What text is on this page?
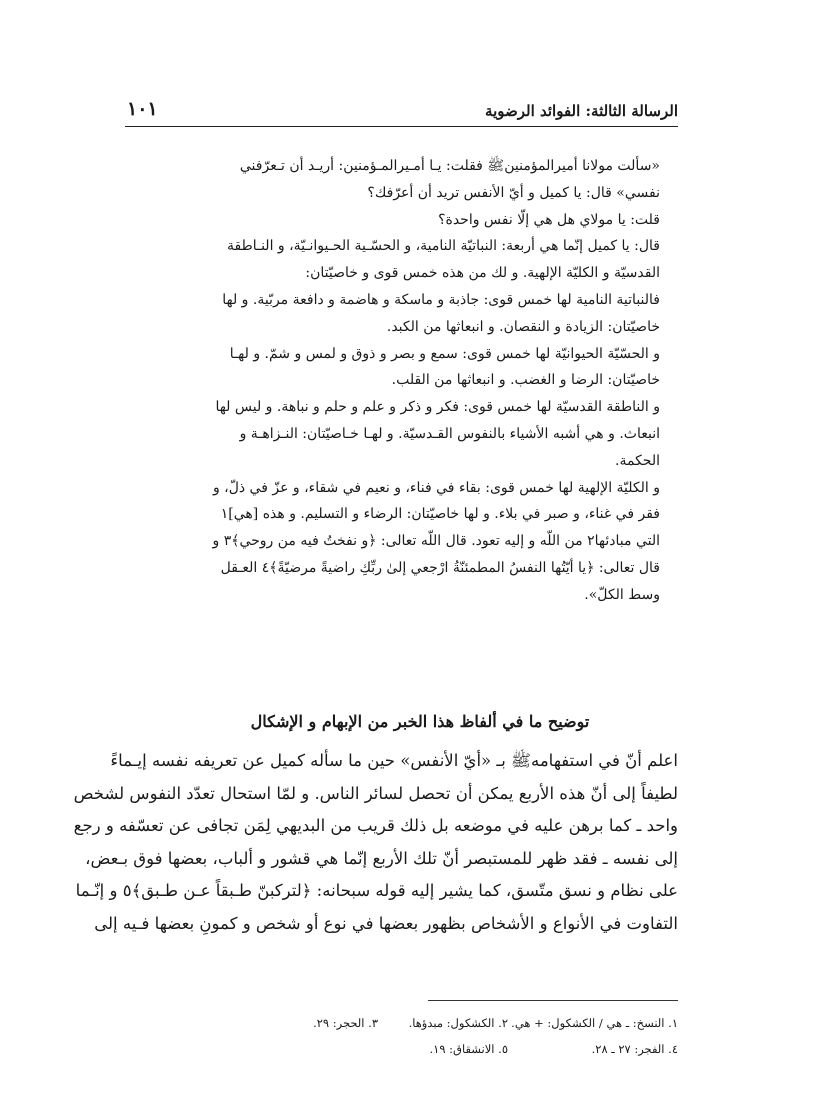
الرسالة الثالثة: الفوائد الرضوية
١٠١
«سألت مولانا أميرالمؤمنينﷺ فقلت: يـا أمـيرالمـؤمنين: أريـد أن تـعرّفني
نفسي» قال: يا كميل و أيّ الأنفس تريد أن أعرّفك؟
قلت: يا مولاي هل هي إلّا نفس واحدة؟
قال: يا كميل إنّما هي أربعة: النباتيّة النامية، و الحسّـية الحـيوانـيّة، و النـاطقة
القدسيّة و الكليّة الإلهية. و لك من هذه خمس قوى و خاصيّتان:
فالنباتية النامية لها خمس قوى: جاذبة و ماسكة و هاضمة و دافعة مربّية. و لها
خاصيّتان: الزيادة و النقصان. و انبعاثها من الكبد.
و الحسّيّة الحيوانيّة لها خمس قوى: سمع و بصر و ذوق و لمس و شمّ. و لهـا
خاصيّتان: الرضا و الغضب. و انبعاثها من القلب.
و الناطقة القدسيّة لها خمس قوى: فكر و ذكر و علم و حلم و نباهة. و ليس لها
انبعاث. و هي أشبه الأشياء بالنفوس القـدسيّة. و لهـا خـاصيّتان: النـزاهـة و
الحكمة.
و الكليّة الإلهية لها خمس قوى: بقاء في فناء، و نعيم في شقاء، و عزّ في ذلّ، و
فقر في غناء، و صبر في بلاء. و لها خاصيّتان: الرضاء و التسليم. و هذه [هي]١
التي مبادئها٢ من اللّه و إليه تعود. قال اللّه تعالى: ﴿و نفختُ فيه من روحي﴾٣ و
قال تعالى: ﴿يا أيّتُها النفسُ المطمئنّةُ ارْجعي إلىٰ ربِّكِ راضيةً مرضيّةً﴾٤ العـقل
وسط الكلّ».
توضيح ما في ألفاظ هذا الخبر من الإبهام و الإشكال
اعلم أنّ في استفهامهﷺ بـ «أيّ الأنفس» حين ما سأله كميل عن تعريفه نفسه إيـماءً
لطيفاً إلى أنّ هذه الأربع يمكن أن تحصل لسائر الناس. و لمّا استحال تعدّد النفوس لشخص
واحد ـ كما برهن عليه في موضعه بل ذلك قريب من البديهي لِمَن تجافى عن تعسّفه و رجع
إلى نفسه ـ فقد ظهر للمستبصر أنّ تلك الأربع إنّما هي قشور و ألباب، بعضها فوق بـعض،
على نظام و نسق متّسق، كما يشير إليه قوله سبحانه: ﴿لتركبنّ طـبقاً عـن طـبق﴾٥ و إنّـما
التفاوت في الأنواع و الأشخاص بظهور بعضها في نوع أو شخص و كمونِ بعضها فـيه إلى
١. النسخ: ـ هي / الكشكول: + هي.
٢. الكشكول: مبدؤها.
٣. الحجر: ٢٩.
٤. الفجر: ٢٧ ـ ٢٨.
٥. الانشقاق: ١٩.
